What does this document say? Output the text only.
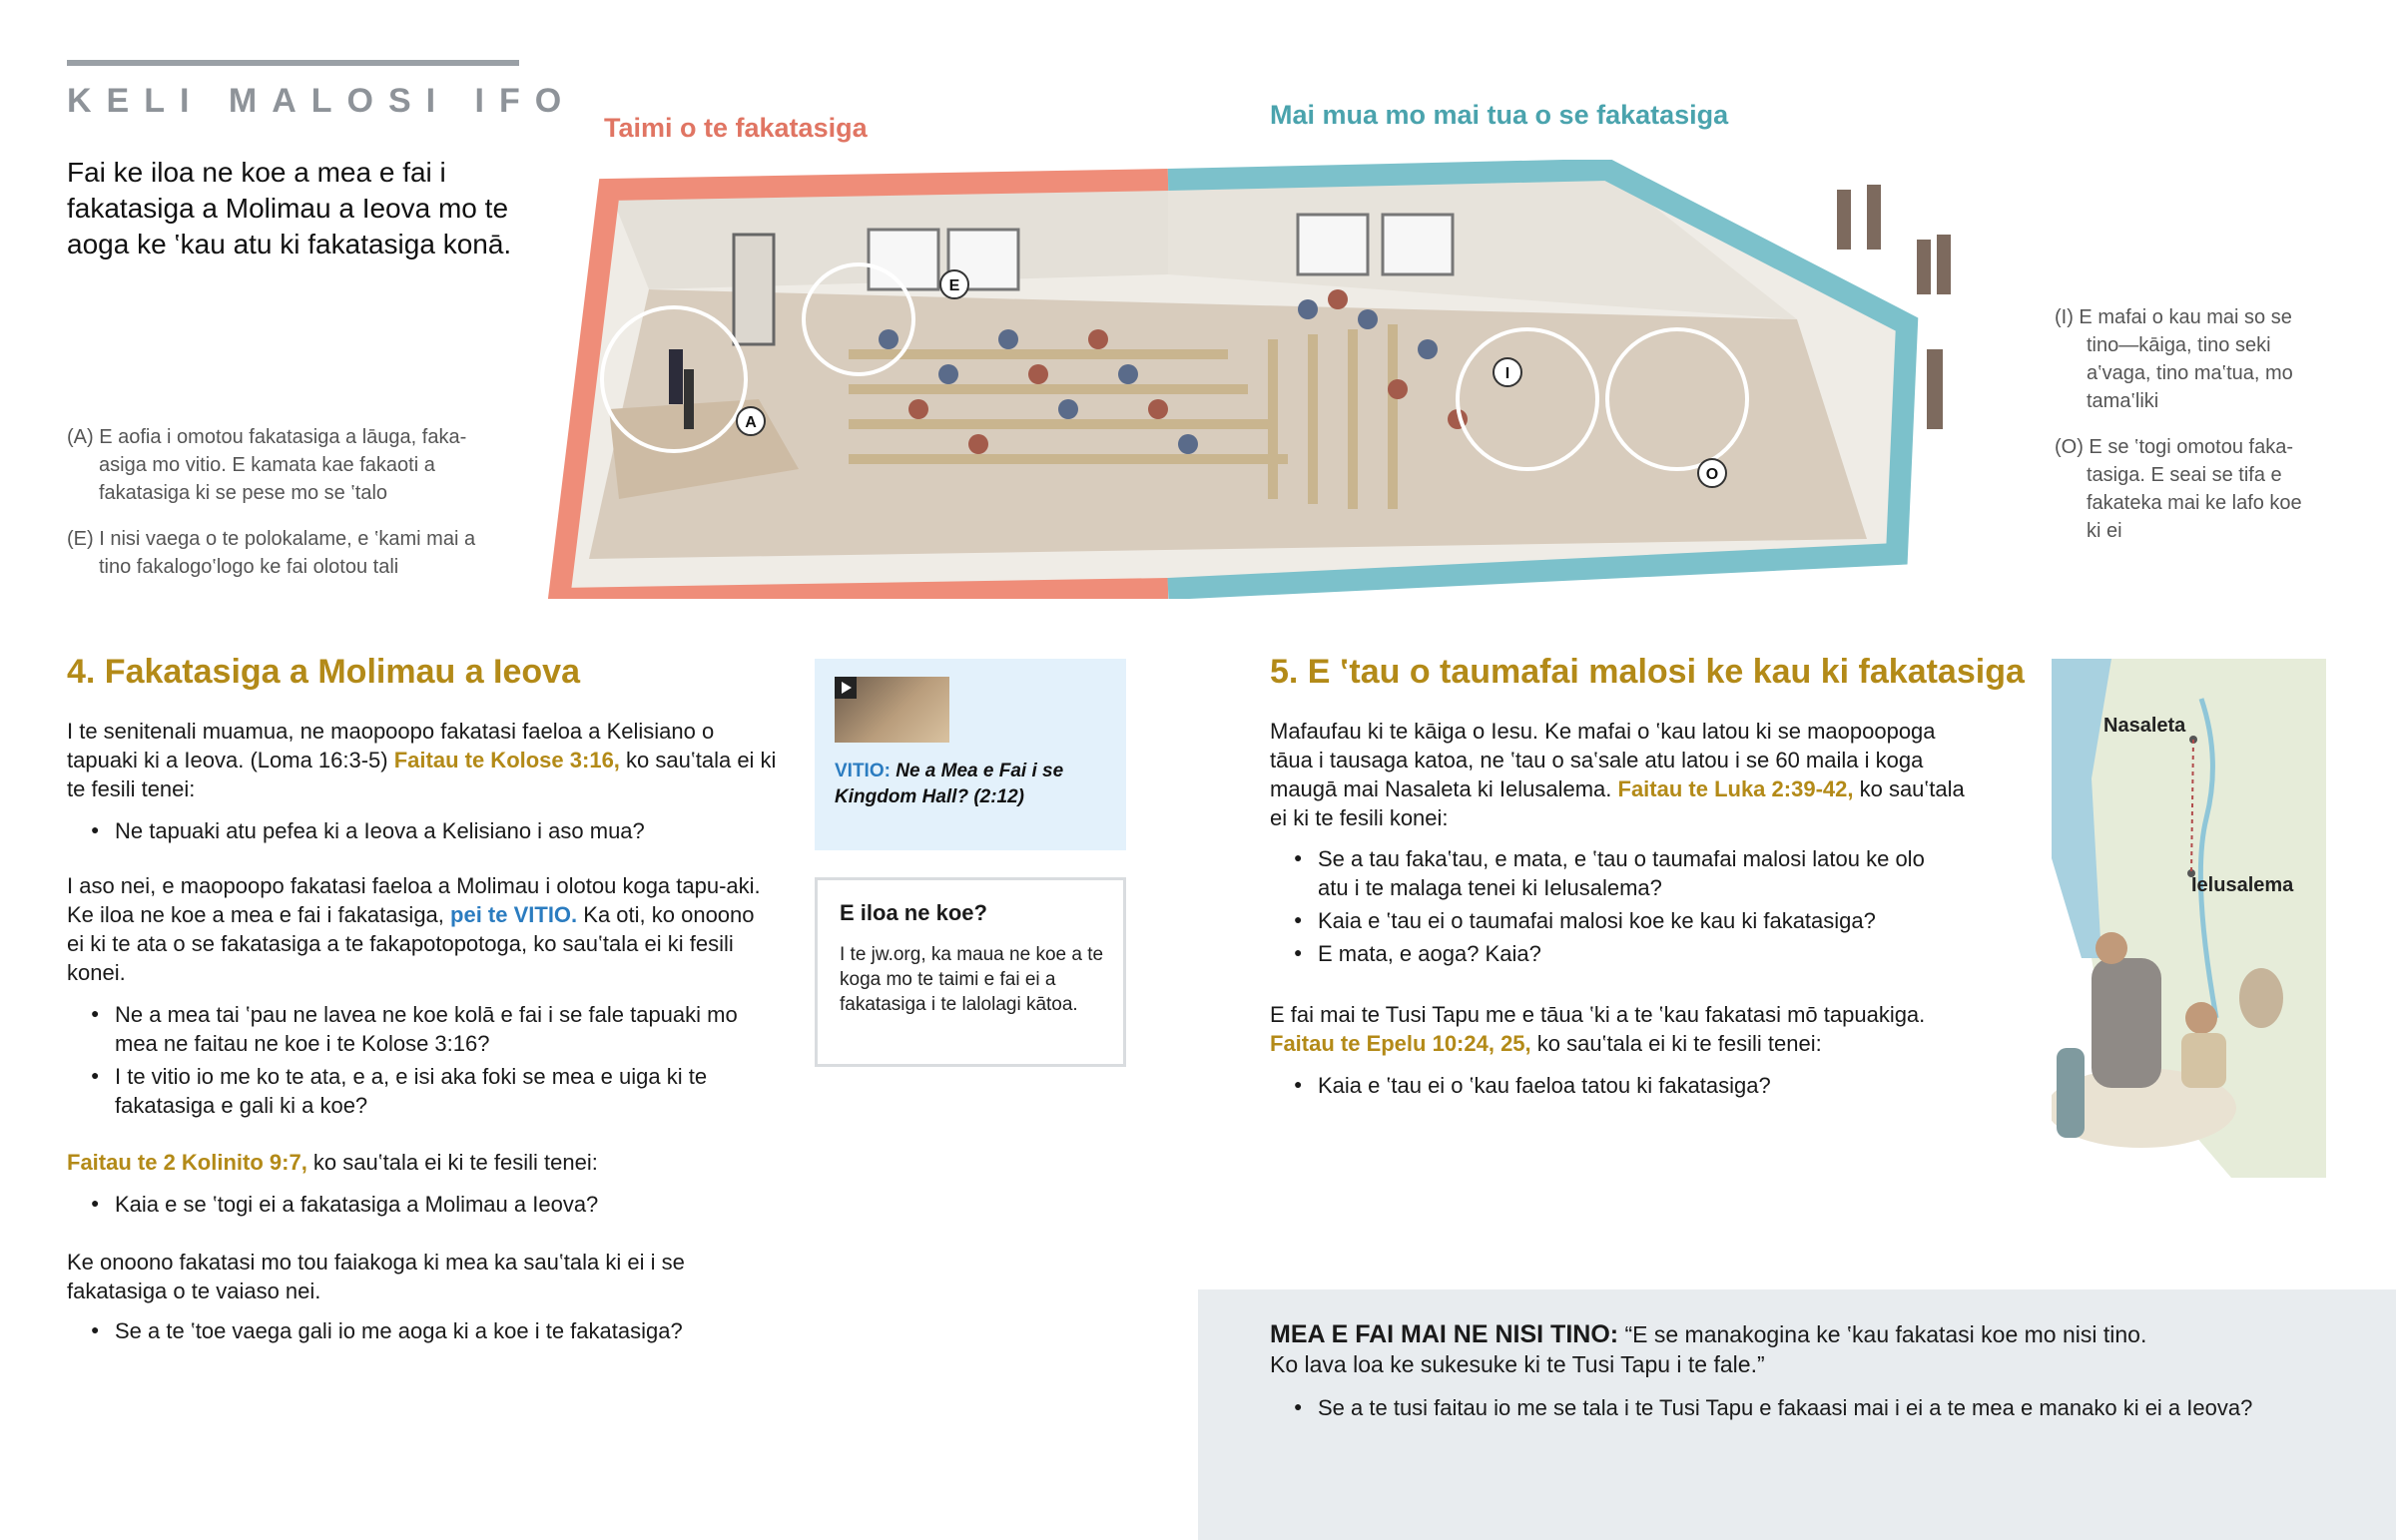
KELI MALOSI IFO
Fai ke iloa ne koe a mea e fai i fakatasiga a Molimau a Ieova mo te aoga ke ‛kau atu ki fakatasiga konā.
Taimi o te fakatasiga	Mai mua mo mai tua o se fakatasiga
(A) E aofia i omotou fakatasiga a lāuga, faka-asiga mo vitio. E kamata kae fakaoti a fakatasiga ki se pese mo se ‛talo
(E) I nisi vaega o te polokalame, e ‛kami mai a tino fakalogo‛logo ke fai olotou tali
(I) E mafai o kau mai so se tino—kāiga, tino seki a‛vaga, tino ma‛tua, mo tama‛liki
(O) E se ‛togi omotou faka-tasiga. E seai se tifa e fakateka mai ke lafo koe ki ei
A
E
I
O
4. Fakatasiga a Molimau a Ieova
I te senitenali muamua, ne maopoopo fakatasi faeloa a Kelisiano o tapuaki ki a Ieova. (Loma 16:3-5) Faitau te Kolose 3:16, ko sau‛tala ei ki te fesili tenei:
● Ne tapuaki atu pefea ki a Ieova a Kelisiano i aso mua?
I aso nei, e maopoopo fakatasi faeloa a Molimau i olotou koga tapu-aki. Ke iloa ne koe a mea e fai i fakatasiga, pei te VITIO. Ka oti, ko onoono ei ki te ata o se fakatasiga a te fakapotopotoga, ko sau‛tala ei ki fesili konei.
● Ne a mea tai ‛pau ne lavea ne koe kolā e fai i se fale tapuaki mo mea ne faitau ne koe i te Kolose 3:16?
● I te vitio io me ko te ata, e a, e isi aka foki se mea e uiga ki te fakatasiga e gali ki a koe?
Faitau te 2 Kolinito 9:7, ko sau‛tala ei ki te fesili tenei:
● Kaia e se ‛togi ei a fakatasiga a Molimau a Ieova?
Ke onoono fakatasi mo tou faiakoga ki mea ka sau‛tala ki ei i se fakatasiga o te vaiaso nei.
● Se a te ‛toe vaega gali io me aoga ki a koe i te fakatasiga?
VITIO: Ne a Mea e Fai i se Kingdom Hall? (2:12)
E iloa ne koe?

I te jw.org, ka maua ne koe a te koga mo te taimi e fai ei a fakatasiga i te lalolagi kātoa.

5. E ‛tau o taumafai malosi ke kau ki fakatasiga
Mafaufau ki te kāiga o Iesu. Ke mafai o ‛kau latou ki se maopoopoga tāua i tausaga katoa, ne ‛tau o sa‛sale atu latou i se 60 maila i koga maugā mai Nasaleta ki Ielusalema. Faitau te Luka 2:39-42, ko sau‛tala ei ki te fesili konei:
● Se a tau faka‛tau, e mata, e ‛tau o taumafai malosi latou ke olo atu i te malaga tenei ki Ielusalema?
● Kaia e ‛tau ei o taumafai malosi koe ke kau ki fakatasiga?
● E mata, e aoga? Kaia?
E fai mai te Tusi Tapu me e tāua ‛ki a te ‛kau fakatasi mō tapuakiga. Faitau te Epelu 10:24, 25, ko sau‛tala ei ki te fesili tenei:
● Kaia e ‛tau ei o ‛kau faeloa tatou ki fakatasiga?
Nasaleta
Ielusalema
MEA E FAI MAI NE NISI TINO: “E se manakogina ke ‛kau fakatasi koe mo nisi tino.
Ko lava loa ke sukesuke ki te Tusi Tapu i te fale.”
● Se a te tusi faitau io me se tala i te Tusi Tapu e fakaasi mai i ei a te mea e manako ki ei a Ieova?
